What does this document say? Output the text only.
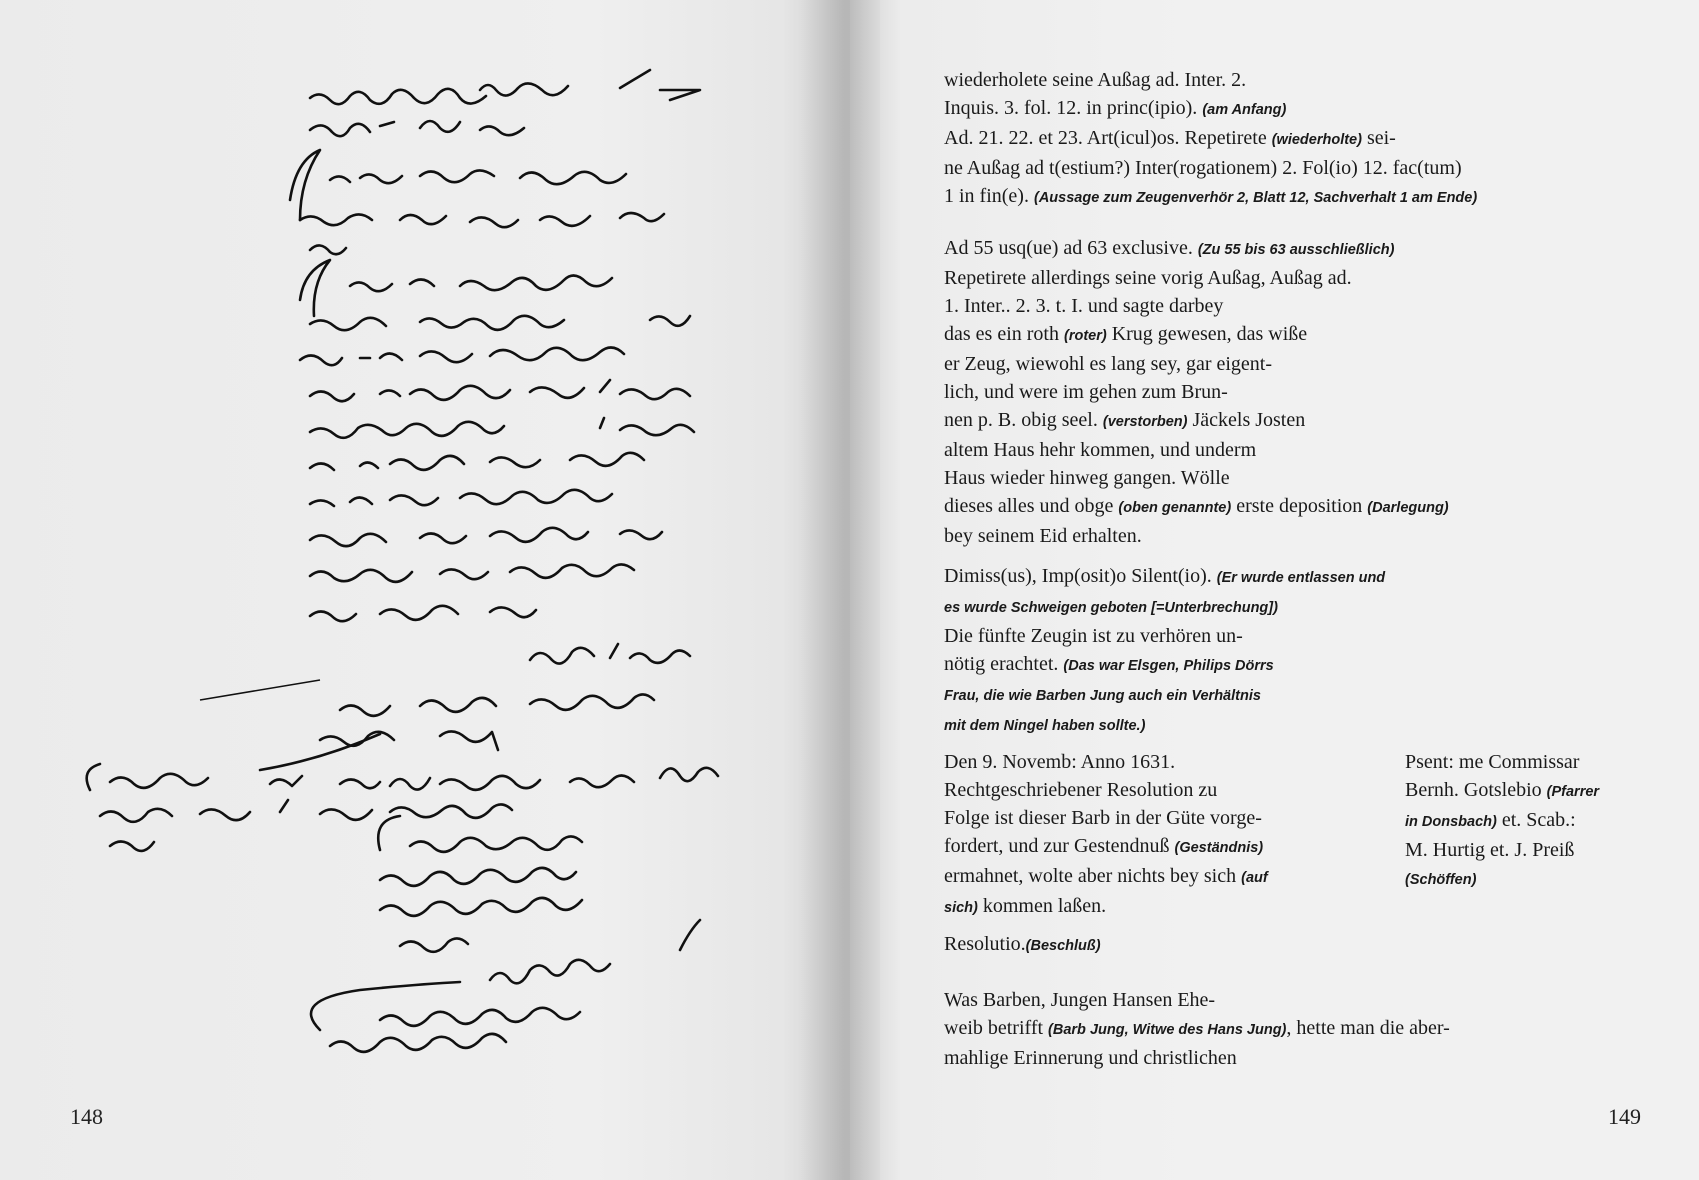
148
wiederholete seine Außag ad. Inter. 2.
Inquis. 3. fol. 12. in princ(ipio). (am Anfang)
Ad. 21. 22. et 23. Art(icul)os. Repetirete (wiederholte) sei-
ne Außag ad t(estium?) Inter(rogationem) 2. Fol(io) 12. fac(tum)
1 in fin(e). (Aussage zum Zeugenverhör 2, Blatt 12, Sachverhalt 1 am Ende)
Ad 55 usq(ue) ad 63 exclusive. (Zu 55 bis 63 ausschließlich)
Repetirete allerdings seine vorig Außag, Außag ad.
1. Inter.. 2. 3. t. I. und sagte darbey
das es ein roth (roter) Krug gewesen, das wiße
er Zeug, wiewohl es lang sey, gar eigent-
lich, und were im gehen zum Brun-
nen p. B. obig seel. (verstorben) Jäckels Josten
altem Haus hehr kommen, und underm
Haus wieder hinweg gangen. Wölle
dieses alles und obge (oben genannte) erste deposition (Darlegung)
bey seinem Eid erhalten.
Dimiss(us), Imp(osit)o Silent(io). (Er wurde entlassen und
es wurde Schweigen geboten [=Unterbrechung])
Die fünfte Zeugin ist zu verhören un-
nötig erachtet. (Das war Elsgen, Philips Dörrs
Frau, die wie Barben Jung auch ein Verhältnis
mit dem Ningel haben sollte.)
Den 9. Novemb: Anno 1631.
Rechtgeschriebener Resolution zu
Folge ist dieser Barb in der Güte vorge-
fordert, und zur Gestendnuß (Geständnis)
ermahnet, wolte aber nichts bey sich (auf
sich) kommen laßen.
Psent: me Commissar
Bernh. Gotslebio (Pfarrer
in Donsbach) et. Scab.:
M. Hurtig et. J. Preiß
(Schöffen)
Resolutio.(Beschluß)
Was Barben, Jungen Hansen Ehe-
weib betrifft (Barb Jung, Witwe des Hans Jung), hette man die aber-
mahlige Erinnerung und christlichen
149
